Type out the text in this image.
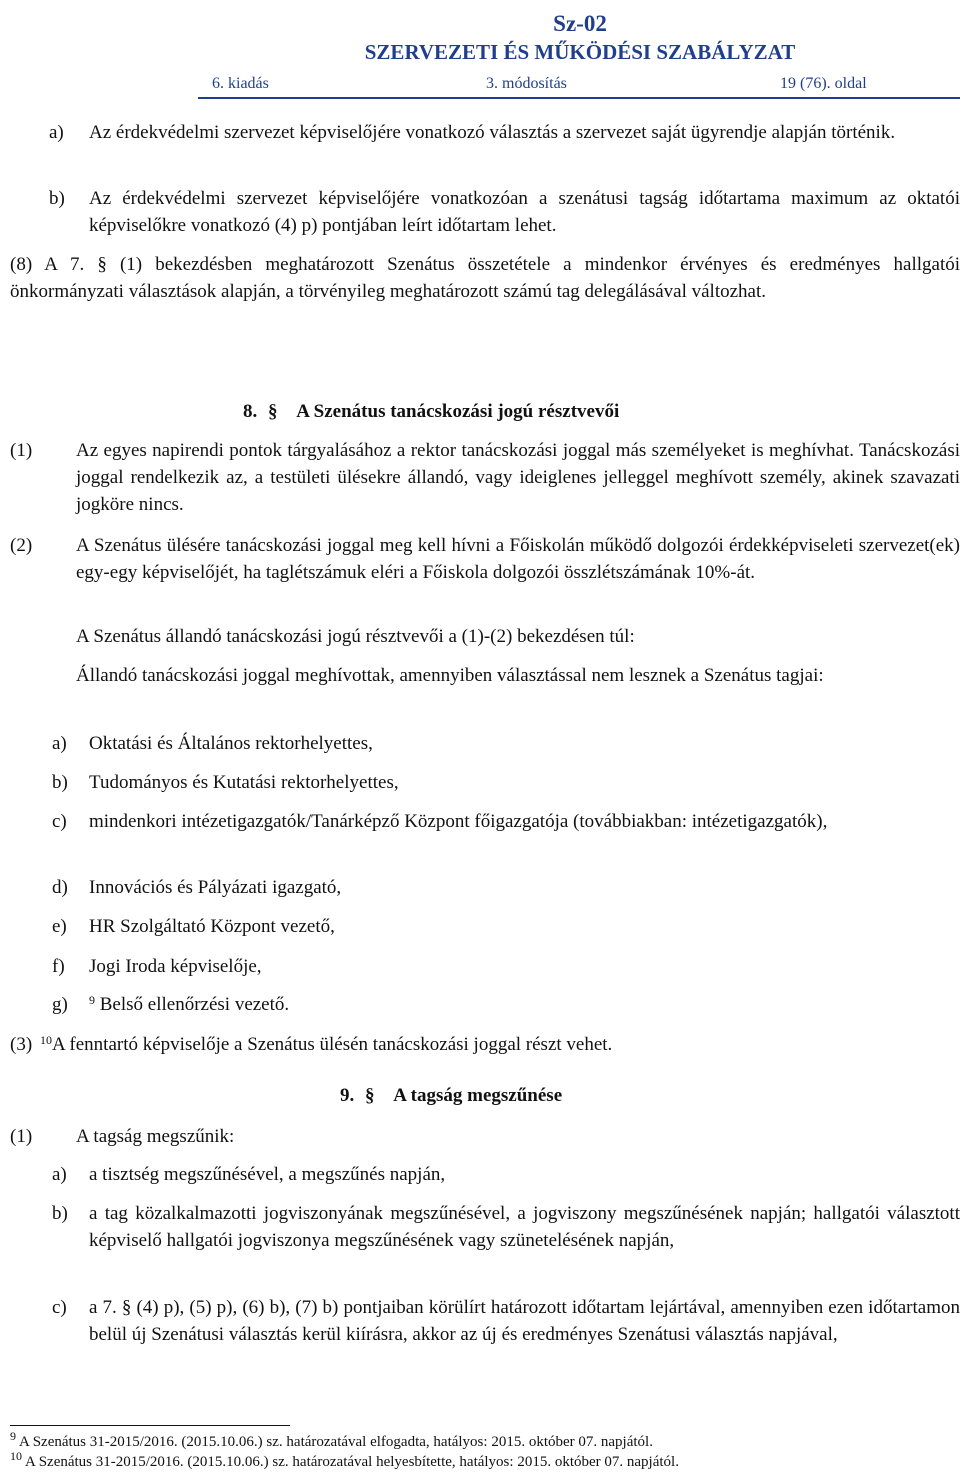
Sz-02
SZERVEZETI ÉS MŰKÖDÉSI SZABÁLYZAT
6. kiadás	3. módosítás	19 (76). oldal
a) Az érdekvédelmi szervezet képviselőjére vonatkozó választás a szervezet saját ügyrendje alapján történik.
b) Az érdekvédelmi szervezet képviselőjére vonatkozóan a szenátusi tagság időtartama maximum az oktatói képviselőkre vonatkozó (4) p) pontjában leírt időtartam lehet.
(8) A 7. § (1) bekezdésben meghatározott Szenátus összetétele a mindenkor érvényes és eredményes hallgatói önkormányzati választások alapján, a törvényileg meghatározott számú tag delegálásával változhat.
8. § A Szenátus tanácskozási jogú résztvevői
(1) Az egyes napirendi pontok tárgyalásához a rektor tanácskozási joggal más személyeket is meghívhat. Tanácskozási joggal rendelkezik az, a testületi ülésekre állandó, vagy ideiglenes jelleggel meghívott személy, akinek szavazati jogköre nincs.
(2) A Szenátus ülésére tanácskozási joggal meg kell hívni a Főiskolán működő dolgozói érdekképviseleti szervezet(ek) egy-egy képviselőjét, ha taglétszámuk eléri a Főiskola dolgozói összlétszámának 10%-át.
A Szenátus állandó tanácskozási jogú résztvevői a (1)-(2) bekezdésen túl:
Állandó tanácskozási joggal meghívottak, amennyiben választással nem lesznek a Szenátus tagjai:
a) Oktatási és Általános rektorhelyettes,
b) Tudományos és Kutatási rektorhelyettes,
c) mindenkori intézetigazgatók/Tanárképző Központ főigazgatója (továbbiakban: intézetigazgatók),
d) Innovációs és Pályázati igazgató,
e) HR Szolgáltató Központ vezető,
f) Jogi Iroda képviselője,
g) $^9$ Belső ellenőrzési vezető.
(3) $^{10}$A fenntartó képviselője a Szenátus ülésén tanácskozási joggal részt vehet.
9. § A tagság megszűnése
(1) A tagság megszűnik:
a) a tisztség megszűnésével, a megszűnés napján,
b) a tag közalkalmazotti jogviszonyának megszűnésével, a jogviszony megszűnésének napján; hallgatói választott képviselő hallgatói jogviszonya megszűnésének vagy szünetelésének napján,
c) a 7. § (4) p), (5) p), (6) b), (7) b) pontjaiban körülírt határozott időtartam lejártával, amennyiben ezen időtartamon belül új Szenátusi választás kerül kiírásra, akkor az új és eredményes Szenátusi választás napjával,
$^9$ A Szenátus 31-2015/2016. (2015.10.06.) sz. határozatával elfogadta, hatályos: 2015. október 07. napjától.
$^{10}$ A Szenátus 31-2015/2016. (2015.10.06.) sz. határozatával helyesbítette, hatályos: 2015. október 07. napjától.
